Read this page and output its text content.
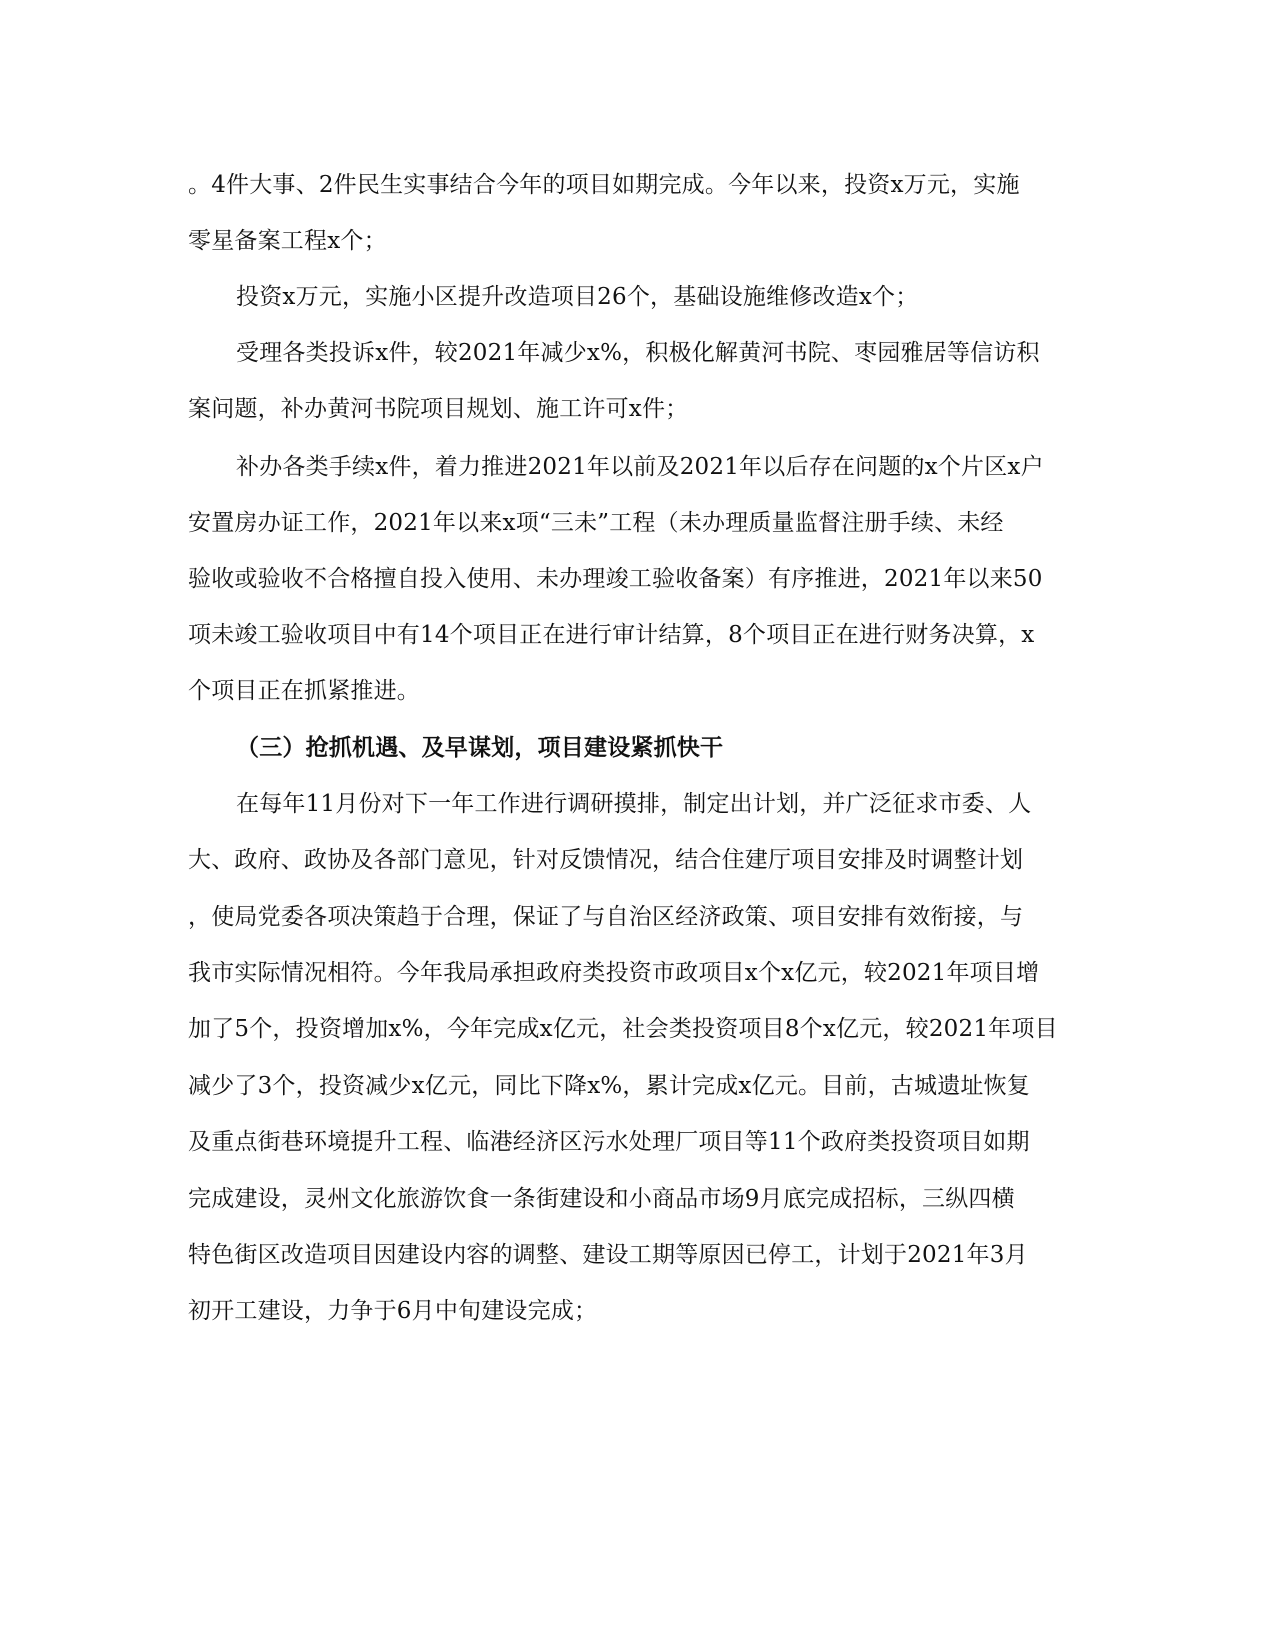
。4件大事、2件民生实事结合今年的项目如期完成。今年以来，投资x万元，实施
零星备案工程x个；
投资x万元，实施小区提升改造项目26个，基础设施维修改造x个；
受理各类投诉x件，较2021年减少x%，积极化解黄河书院、枣园雅居等信访积
案问题，补办黄河书院项目规划、施工许可x件；
补办各类手续x件，着力推进2021年以前及2021年以后存在问题的x个片区x户
安置房办证工作，2021年以来x项“三未”工程（未办理质量监督注册手续、未经
验收或验收不合格擅自投入使用、未办理竣工验收备案）有序推进，2021年以来50
项未竣工验收项目中有14个项目正在进行审计结算，8个项目正在进行财务决算，x
个项目正在抓紧推进。
（三）抢抓机遇、及早谋划，项目建设紧抓快干
在每年11月份对下一年工作进行调研摸排，制定出计划，并广泛征求市委、人
大、政府、政协及各部门意见，针对反馈情况，结合住建厅项目安排及时调整计划
，使局党委各项决策趋于合理，保证了与自治区经济政策、项目安排有效衔接，与
我市实际情况相符。今年我局承担政府类投资市政项目x个x亿元，较2021年项目增
加了5个，投资增加x%，今年完成x亿元，社会类投资项目8个x亿元，较2021年项目
减少了3个，投资减少x亿元，同比下降x%，累计完成x亿元。目前，古城遗址恢复
及重点街巷环境提升工程、临港经济区污水处理厂项目等11个政府类投资项目如期
完成建设，灵州文化旅游饮食一条街建设和小商品市场9月底完成招标，三纵四横
特色街区改造项目因建设内容的调整、建设工期等原因已停工，计划于2021年3月
初开工建设，力争于6月中旬建设完成；
